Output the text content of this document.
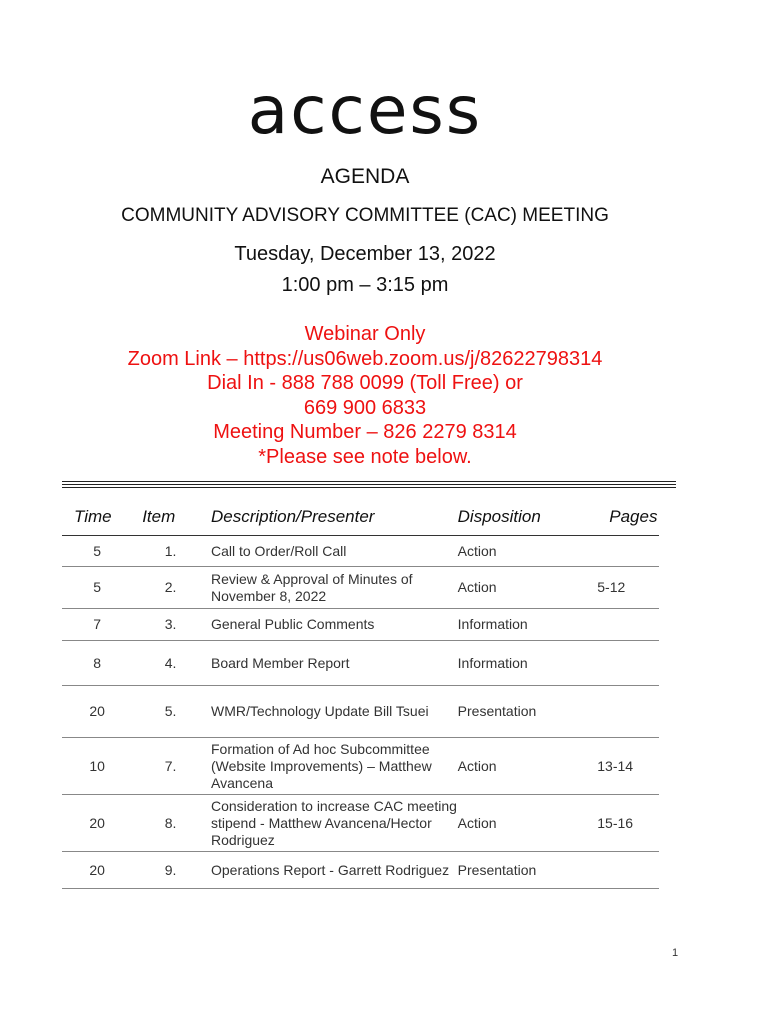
access
AGENDA
COMMUNITY ADVISORY COMMITTEE (CAC) MEETING
Tuesday, December 13, 2022
1:00 pm – 3:15 pm
Webinar Only
Zoom Link – https://us06web.zoom.us/j/82622798314
Dial In - 888 788 0099 (Toll Free) or
669 900 6833
Meeting Number – 826 2279 8314
*Please see note below.
Time	Item	Description/Presenter	Disposition	Pages
5	1.	Call to Order/Roll Call	Action	
5	2.	Review & Approval of Minutes of November 8, 2022	Action	5-12
7	3.	General Public Comments	Information	
8	4.	Board Member Report	Information	
20	5.	WMR/Technology Update Bill Tsuei	Presentation	
10	7.	Formation of Ad hoc Subcommittee (Website Improvements) – Matthew Avancena	Action	13-14
20	8.	Consideration to increase CAC meeting stipend - Matthew Avancena/Hector Rodriguez	Action	15-16
20	9.	Operations Report - Garrett Rodriguez	Presentation	
1
